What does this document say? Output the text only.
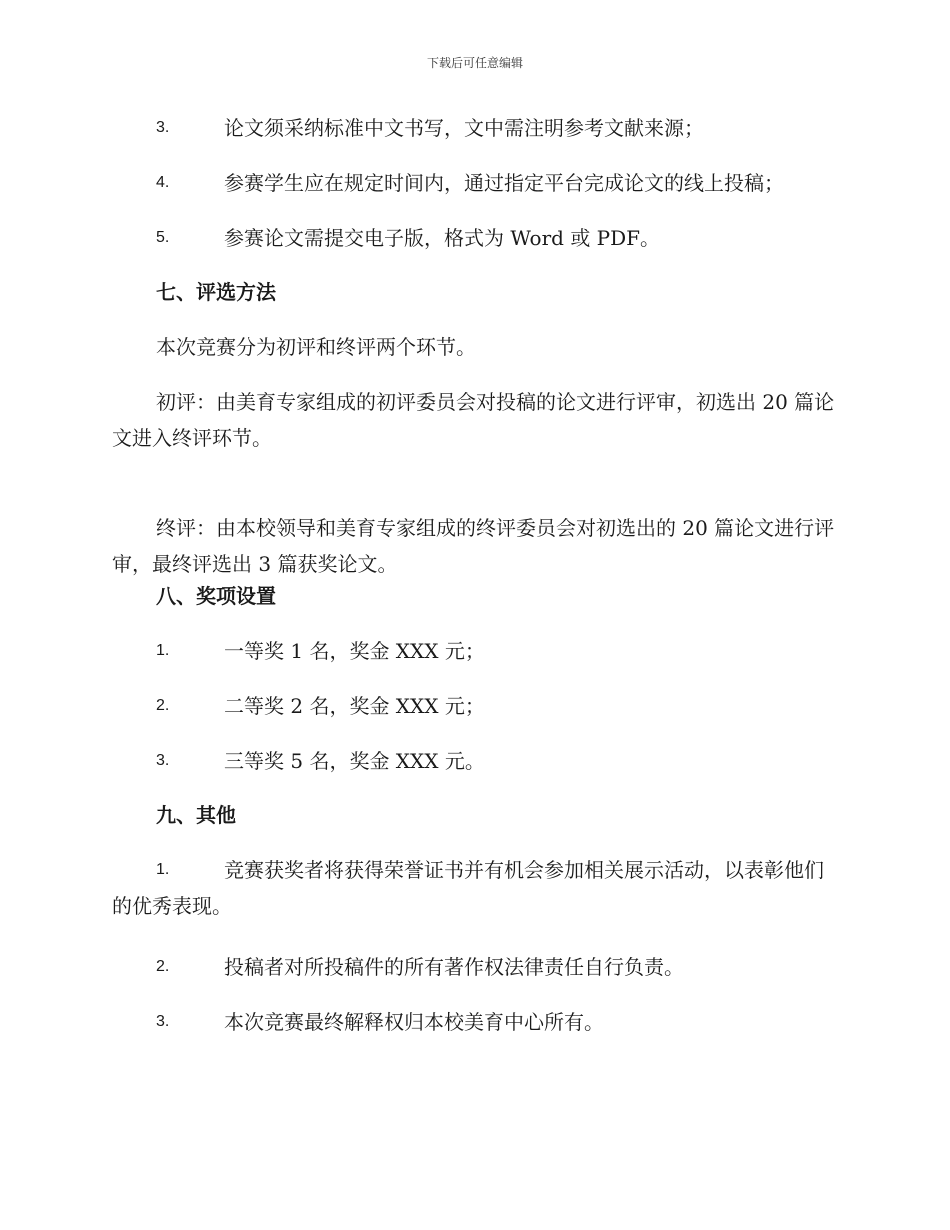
下载后可任意编辑
3.	论文须采纳标准中文书写，文中需注明参考文献来源；
4.	参赛学生应在规定时间内，通过指定平台完成论文的线上投稿；
5.	参赛论文需提交电子版，格式为 Word 或 PDF。
七、评选方法
本次竞赛分为初评和终评两个环节。
初评：由美育专家组成的初评委员会对投稿的论文进行评审，初选出 20 篇论文进入终评环节。
终评：由本校领导和美育专家组成的终评委员会对初选出的 20 篇论文进行评审，最终评选出 3 篇获奖论文。
八、奖项设置
1.	一等奖 1 名，奖金 XXX 元；
2.	二等奖 2 名，奖金 XXX 元；
3.	三等奖 5 名，奖金 XXX 元。
九、其他
1.	竞赛获奖者将获得荣誉证书并有机会参加相关展示活动，以表彰他们的优秀表现。
2.	投稿者对所投稿件的所有著作权法律责任自行负责。
3.	本次竞赛最终解释权归本校美育中心所有。
